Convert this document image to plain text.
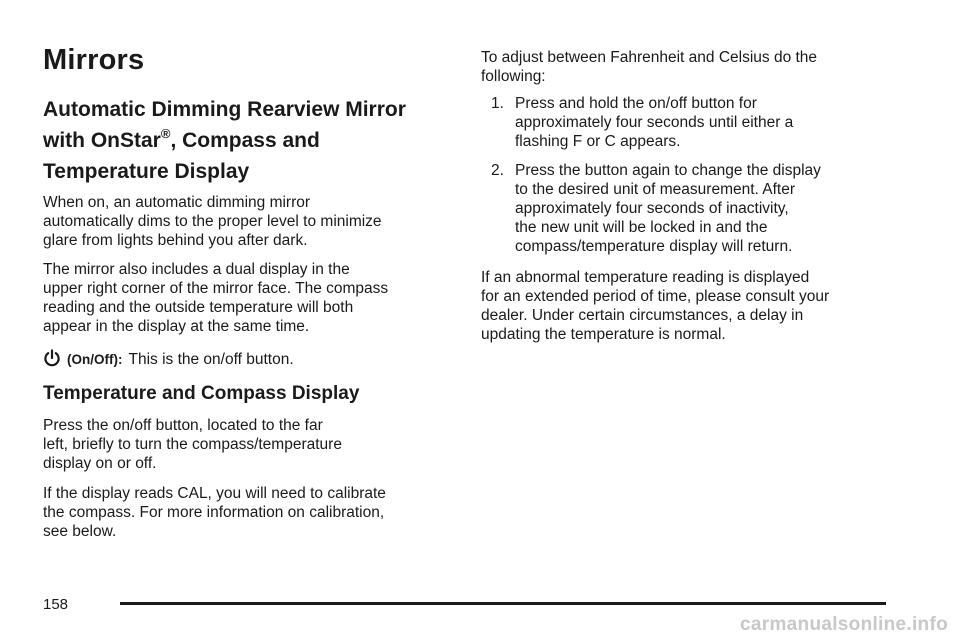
Mirrors
Automatic Dimming Rearview Mirror
with OnStar®, Compass and
Temperature Display

When on, an automatic dimming mirror
automatically dims to the proper level to minimize
glare from lights behind you after dark.

The mirror also includes a dual display in the
upper right corner of the mirror face. The compass
reading and the outside temperature will both
appear in the display at the same time.

(On/Off): This is the on/off button.

Temperature and Compass Display

Press the on/off button, located to the far
left, briefly to turn the compass/temperature
display on or off.

If the display reads CAL, you will need to calibrate
the compass. For more information on calibration,
see below.

To adjust between Fahrenheit and Celsius do the
following:

1. Press and hold the on/off button for
approximately four seconds until either a
flashing F or C appears.
2. Press the button again to change the display
to the desired unit of measurement. After
approximately four seconds of inactivity,
the new unit will be locked in and the
compass/temperature display will return.

If an abnormal temperature reading is displayed
for an extended period of time, please consult your
dealer. Under certain circumstances, a delay in
updating the temperature is normal.

158
carmanualsonline.info
